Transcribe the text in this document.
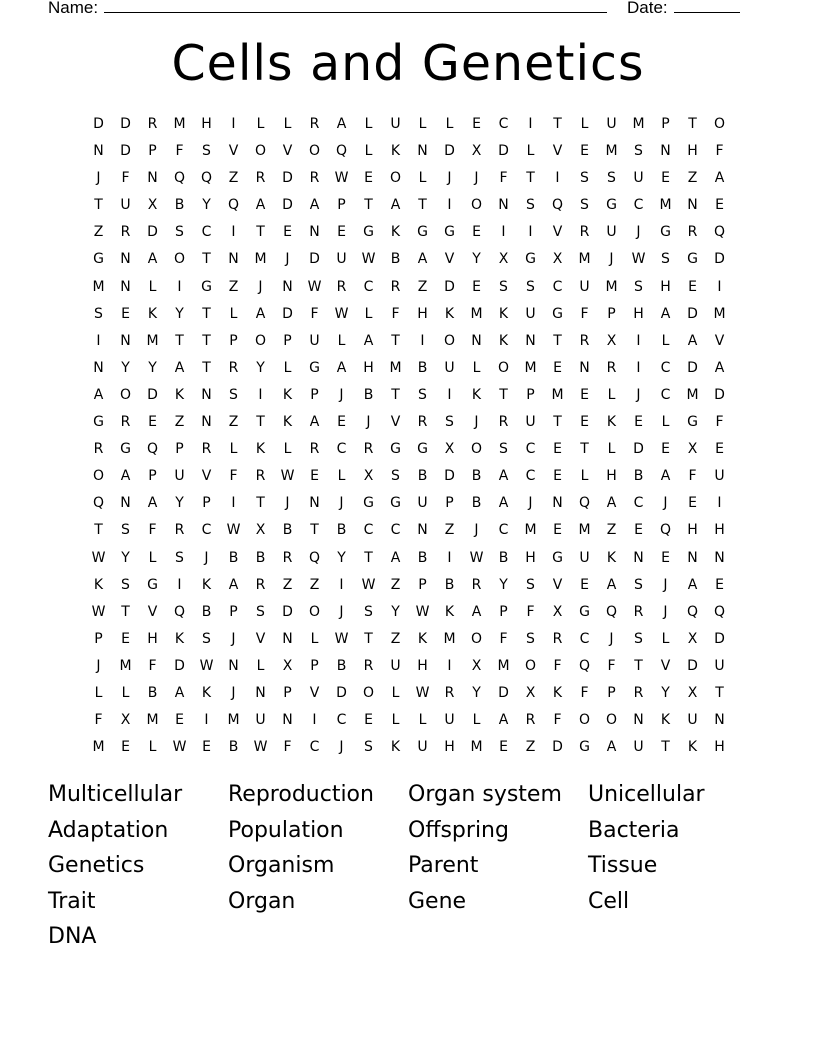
Name:	Date:
Cells and Genetics
D	D	R	M	H	I	L	L	R	A	L	U	L	L	E	C	I	T	L	U	M	P	T	O
N	D	P	F	S	V	O	V	O	Q	L	K	N	D	X	D	L	V	E	M	S	N	H	F
J	F	N	Q	Q	Z	R	D	R	W	E	O	L	J	J	F	T	I	S	S	U	E	Z	A
T	U	X	B	Y	Q	A	D	A	P	T	A	T	I	O	N	S	Q	S	G	C	M	N	E
Z	R	D	S	C	I	T	E	N	E	G	K	G	G	E	I	I	V	R	U	J	G	R	Q
G	N	A	O	T	N	M	J	D	U	W	B	A	V	Y	X	G	X	M	J	W	S	G	D
M	N	L	I	G	Z	J	N	W	R	C	R	Z	D	E	S	S	C	U	M	S	H	E	I
S	E	K	Y	T	L	A	D	F	W	L	F	H	K	M	K	U	G	F	P	H	A	D	M
I	N	M	T	T	P	O	P	U	L	A	T	I	O	N	K	N	T	R	X	I	L	A	V
N	Y	Y	A	T	R	Y	L	G	A	H	M	B	U	L	O	M	E	N	R	I	C	D	A
A	O	D	K	N	S	I	K	P	J	B	T	S	I	K	T	P	M	E	L	J	C	M	D
G	R	E	Z	N	Z	T	K	A	E	J	V	R	S	J	R	U	T	E	K	E	L	G	F
R	G	Q	P	R	L	K	L	R	C	R	G	G	X	O	S	C	E	T	L	D	E	X	E
O	A	P	U	V	F	R	W	E	L	X	S	B	D	B	A	C	E	L	H	B	A	F	U
Q	N	A	Y	P	I	T	J	N	J	G	G	U	P	B	A	J	N	Q	A	C	J	E	I
T	S	F	R	C	W	X	B	T	B	C	C	N	Z	J	C	M	E	M	Z	E	Q	H	H
W	Y	L	S	J	B	B	R	Q	Y	T	A	B	I	W	B	H	G	U	K	N	E	N	N
K	S	G	I	K	A	R	Z	Z	I	W	Z	P	B	R	Y	S	V	E	A	S	J	A	E
W	T	V	Q	B	P	S	D	O	J	S	Y	W	K	A	P	F	X	G	Q	R	J	Q	Q
P	E	H	K	S	J	V	N	L	W	T	Z	K	M	O	F	S	R	C	J	S	L	X	D
J	M	F	D	W	N	L	X	P	B	R	U	H	I	X	M	O	F	Q	F	T	V	D	U
L	L	B	A	K	J	N	P	V	D	O	L	W	R	Y	D	X	K	F	P	R	Y	X	T
F	X	M	E	I	M	U	N	I	C	E	L	L	U	L	A	R	F	O	O	N	K	U	N
M	E	L	W	E	B	W	F	C	J	S	K	U	H	M	E	Z	D	G	A	U	T	K	H
Multicellular	Reproduction	Organ system	Unicellular
Adaptation	Population	Offspring	Bacteria
Genetics	Organism	Parent	Tissue
Trait	Organ	Gene	Cell
DNA
